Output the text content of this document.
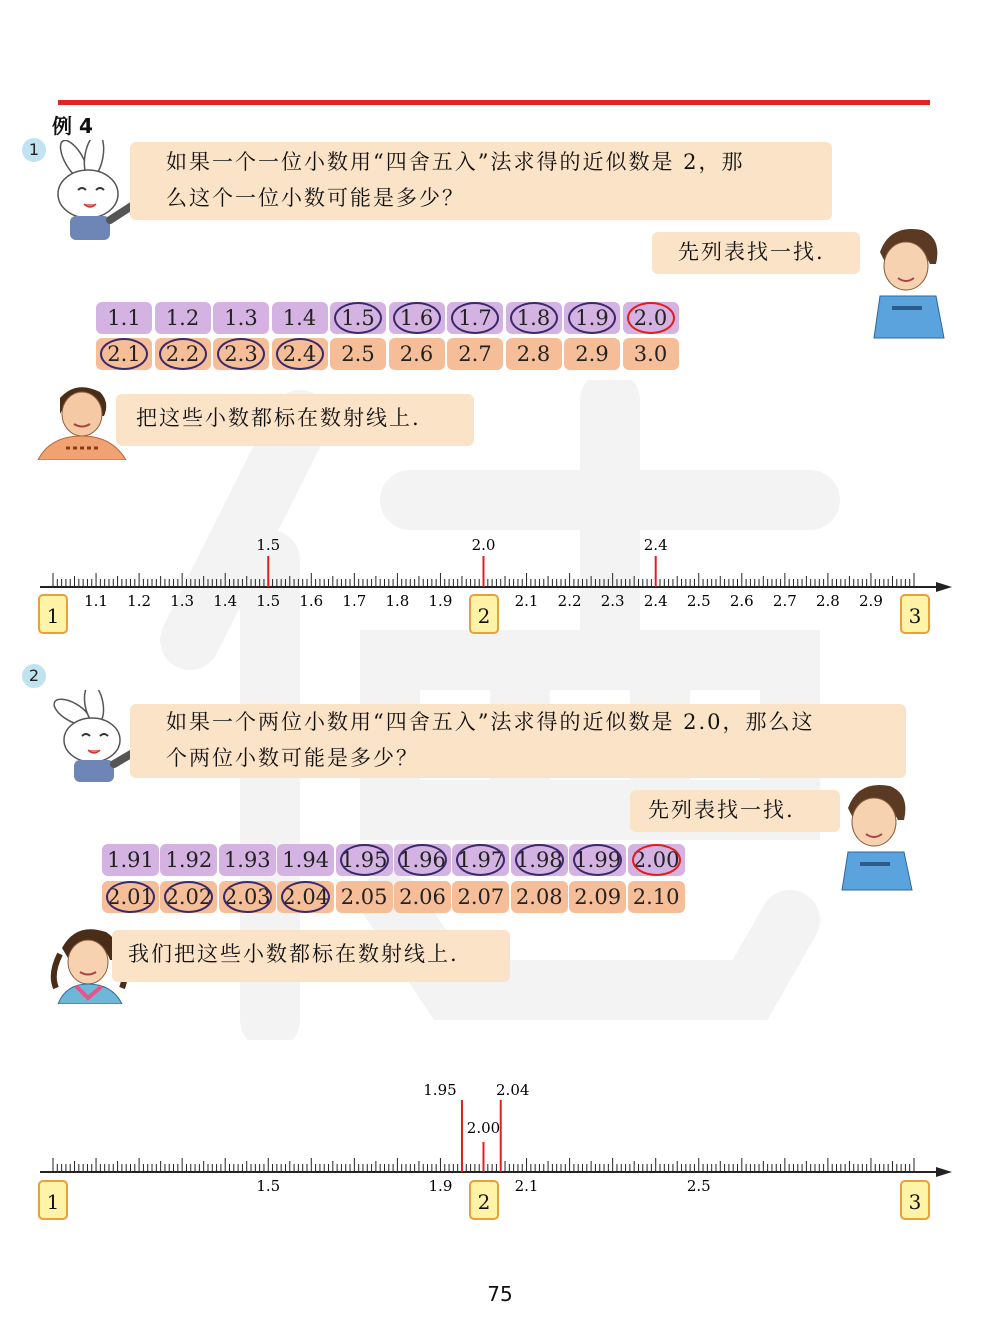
例 4
1
如果一个一位小数用“四舍五入”法求得的近似数是 2，那
么这个一位小数可能是多少？
先列表找一找.
1.1	1.2	1.3	1.4	1.5	1.6	1.7	1.8	1.9	2.0
2.1	2.2	2.3	2.4	2.5	2.6	2.7	2.8	2.9	3.0
把这些小数都标在数射线上.
1.1 1.2 1.3 1.4 1.5 1.6 1.7 1.8 1.9	2.1 2.2 2.3 2.4 2.5 2.6 2.7 2.8 2.9
1.5	2.0	2.4
1	2	3
2
如果一个两位小数用“四舍五入”法求得的近似数是 2.0，那么这
个两位小数可能是多少？
先列表找一找.
1.91 1.92 1.93 1.94 1.95 1.96 1.97 1.98 1.99 2.00
2.01 2.02 2.03 2.04 2.05 2.06 2.07 2.08 2.09 2.10
我们把这些小数都标在数射线上.
1.5	1.9	2.1	2.5
1.95
2.00
2.04
1	2	3
75
